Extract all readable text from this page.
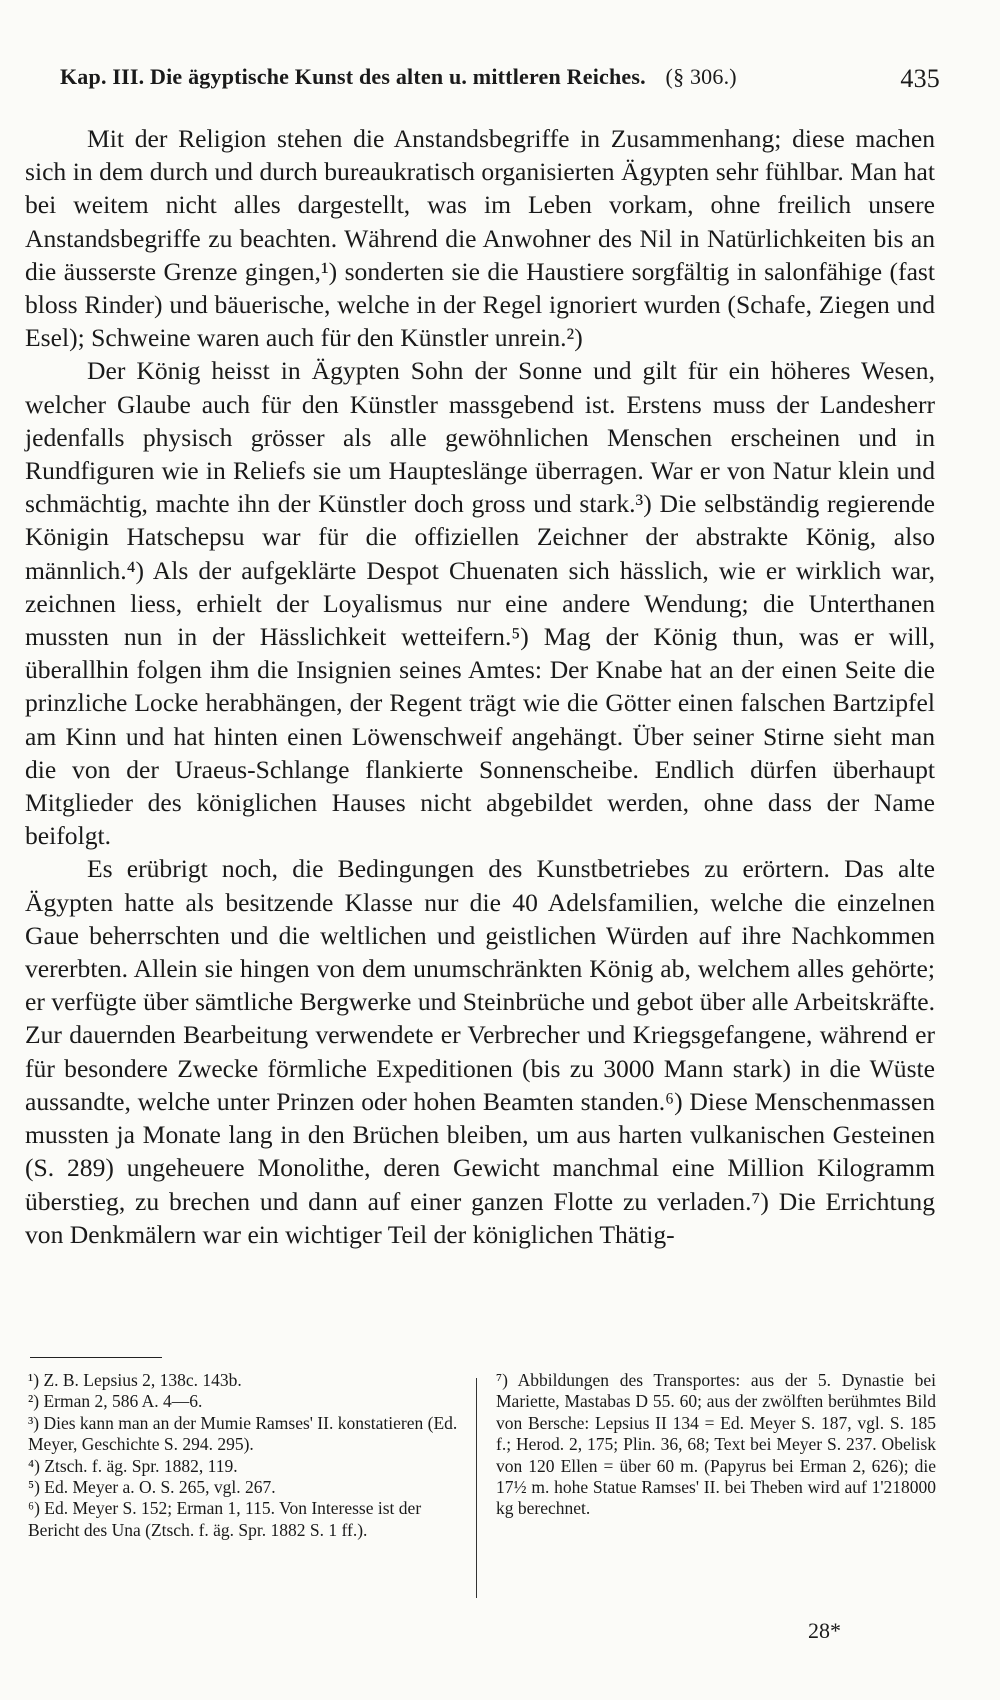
Kap. III. Die ägyptische Kunst des alten u. mittleren Reiches. (§ 306.)	435

Mit der Religion stehen die Anstandsbegriffe in Zusammenhang; diese machen sich in dem durch und durch bureaukratisch organisierten Ägypten sehr fühlbar. Man hat bei weitem nicht alles dargestellt, was im Leben vorkam, ohne freilich unsere Anstandsbegriffe zu beachten. Während die Anwohner des Nil in Natürlichkeiten bis an die äusserste Grenze gingen,¹) sonderten sie die Haustiere sorgfältig in salonfähige (fast bloss Rinder) und bäuerische, welche in der Regel ignoriert wurden (Schafe, Ziegen und Esel); Schweine waren auch für den Künstler unrein.²)

Der König heisst in Ägypten Sohn der Sonne und gilt für ein höheres Wesen, welcher Glaube auch für den Künstler massgebend ist. Erstens muss der Landesherr jedenfalls physisch grösser als alle gewöhnlichen Menschen erscheinen und in Rundfiguren wie in Reliefs sie um Haupteslänge überragen. War er von Natur klein und schmächtig, machte ihn der Künstler doch gross und stark.³) Die selbständig regierende Königin Hatschepsu war für die offiziellen Zeichner der abstrakte König, also männlich.⁴) Als der aufgeklärte Despot Chuenaten sich hässlich, wie er wirklich war, zeichnen liess, erhielt der Loyalismus nur eine andere Wendung; die Unterthanen mussten nun in der Hässlichkeit wetteifern.⁵) Mag der König thun, was er will, überallhin folgen ihm die Insignien seines Amtes: Der Knabe hat an der einen Seite die prinzliche Locke herabhängen, der Regent trägt wie die Götter einen falschen Bartzipfel am Kinn und hat hinten einen Löwenschweif angehängt. Über seiner Stirne sieht man die von der Uraeus-Schlange flankierte Sonnenscheibe. Endlich dürfen überhaupt Mitglieder des königlichen Hauses nicht abgebildet werden, ohne dass der Name beifolgt.

Es erübrigt noch, die Bedingungen des Kunstbetriebes zu erörtern. Das alte Ägypten hatte als besitzende Klasse nur die 40 Adelsfamilien, welche die einzelnen Gaue beherrschten und die weltlichen und geistlichen Würden auf ihre Nachkommen vererbten. Allein sie hingen von dem unumschränkten König ab, welchem alles gehörte; er verfügte über sämtliche Bergwerke und Steinbrüche und gebot über alle Arbeitskräfte. Zur dauernden Bearbeitung verwendete er Verbrecher und Kriegsgefangene, während er für besondere Zwecke förmliche Expeditionen (bis zu 3000 Mann stark) in die Wüste aussandte, welche unter Prinzen oder hohen Beamten standen.⁶) Diese Menschenmassen mussten ja Monate lang in den Brüchen bleiben, um aus harten vulkanischen Gesteinen (S. 289) ungeheuere Monolithe, deren Gewicht manchmal eine Million Kilogramm überstieg, zu brechen und dann auf einer ganzen Flotte zu verladen.⁷) Die Errichtung von Denkmälern war ein wichtiger Teil der königlichen Thätig-

¹) Z. B. Lepsius 2, 138c. 143b.

²) Erman 2, 586 A. 4—6.

³) Dies kann man an der Mumie Ramses' II. konstatieren (Ed. Meyer, Geschichte S. 294. 295).

⁴) Ztsch. f. äg. Spr. 1882, 119.

⁵) Ed. Meyer a. O. S. 265, vgl. 267.

⁶) Ed. Meyer S. 152; Erman 1, 115. Von Interesse ist der Bericht des Una (Ztsch. f. äg. Spr. 1882 S. 1 ff.).

⁷) Abbildungen des Transportes: aus der 5. Dynastie bei Mariette, Mastabas D 55. 60; aus der zwölften berühmtes Bild von Bersche: Lepsius II 134 = Ed. Meyer S. 187, vgl. S. 185 f.; Herod. 2, 175; Plin. 36, 68; Text bei Meyer S. 237. Obelisk von 120 Ellen = über 60 m. (Papyrus bei Erman 2, 626); die 17½ m. hohe Statue Ramses' II. bei Theben wird auf 1'218000 kg berechnet.

28*
